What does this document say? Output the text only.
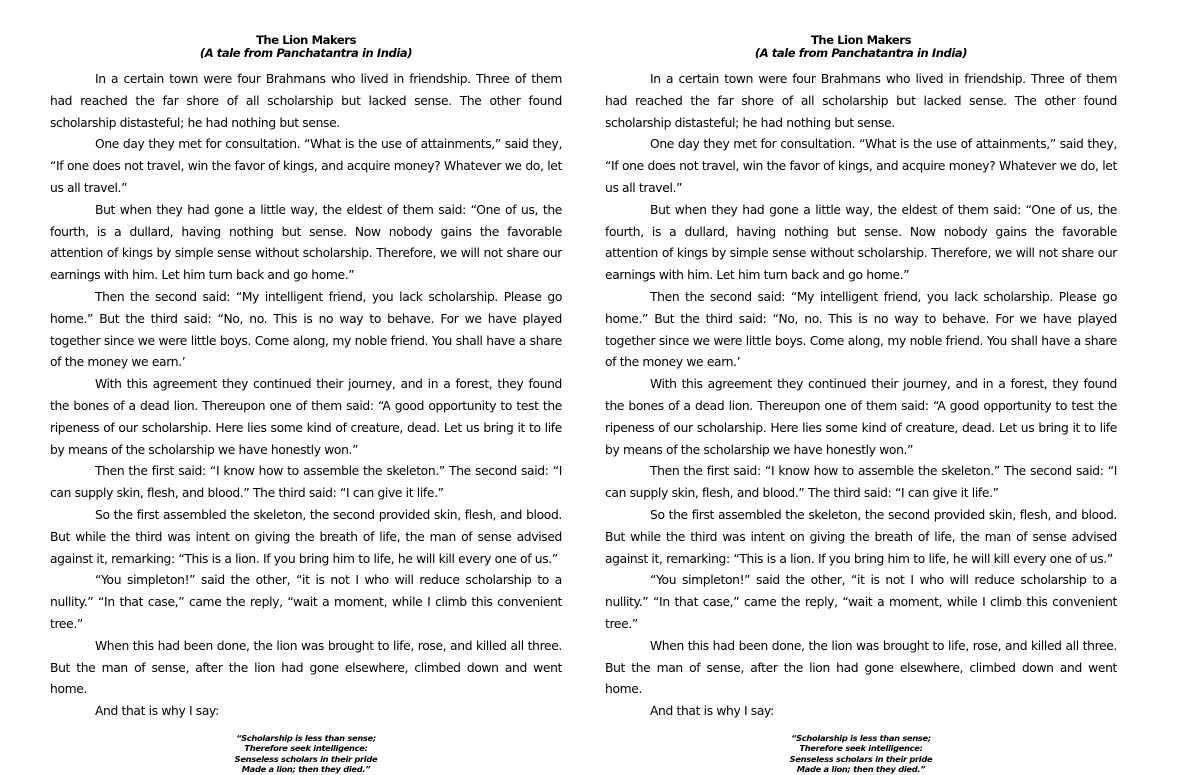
The Lion Makers

(A tale from Panchatantra in India)

In a certain town were four Brahmans who lived in friendship. Three of them had reached the far shore of all scholarship but lacked sense. The other found scholarship distasteful; he had nothing but sense.

One day they met for consultation. “What is the use of attainments,” said they, “If one does not travel, win the favor of kings, and acquire money? Whatever we do, let us all travel.”

But when they had gone a little way, the eldest of them said: “One of us, the fourth, is a dullard, having nothing but sense. Now nobody gains the favorable attention of kings by simple sense without scholarship. Therefore, we will not share our earnings with him. Let him turn back and go home.”

Then the second said: “My intelligent friend, you lack scholarship. Please go home.” But the third said: “No, no. This is no way to behave. For we have played together since we were little boys. Come along, my noble friend. You shall have a share of the money we earn.’

With this agreement they continued their journey, and in a forest, they found the bones of a dead lion. Thereupon one of them said: “A good opportunity to test the ripeness of our scholarship. Here lies some kind of creature, dead. Let us bring it to life by means of the scholarship we have honestly won.”

Then the first said: “I know how to assemble the skeleton.” The second said: “I can supply skin, flesh, and blood.” The third said: “I can give it life.”

So the first assembled the skeleton, the second provided skin, flesh, and blood. But while the third was intent on giving the breath of life, the man of sense advised against it, remarking: “This is a lion. If you bring him to life, he will kill every one of us.”

“You simpleton!” said the other, “it is not I who will reduce scholarship to a nullity.” “In that case,” came the reply, “wait a moment, while I climb this convenient tree.”

When this had been done, the lion was brought to life, rose, and killed all three. But the man of sense, after the lion had gone elsewhere, climbed down and went home.

And that is why I say:

“Scholarship is less than sense;
Therefore seek intelligence:
Senseless scholars in their pride
Made a lion; then they died.”

The Lion Makers

(A tale from Panchatantra in India)

In a certain town were four Brahmans who lived in friendship. Three of them had reached the far shore of all scholarship but lacked sense. The other found scholarship distasteful; he had nothing but sense.

One day they met for consultation. “What is the use of attainments,” said they, “If one does not travel, win the favor of kings, and acquire money? Whatever we do, let us all travel.”

But when they had gone a little way, the eldest of them said: “One of us, the fourth, is a dullard, having nothing but sense. Now nobody gains the favorable attention of kings by simple sense without scholarship. Therefore, we will not share our earnings with him. Let him turn back and go home.”

Then the second said: “My intelligent friend, you lack scholarship. Please go home.” But the third said: “No, no. This is no way to behave. For we have played together since we were little boys. Come along, my noble friend. You shall have a share of the money we earn.’

With this agreement they continued their journey, and in a forest, they found the bones of a dead lion. Thereupon one of them said: “A good opportunity to test the ripeness of our scholarship. Here lies some kind of creature, dead. Let us bring it to life by means of the scholarship we have honestly won.”

Then the first said: “I know how to assemble the skeleton.” The second said: “I can supply skin, flesh, and blood.” The third said: “I can give it life.”

So the first assembled the skeleton, the second provided skin, flesh, and blood. But while the third was intent on giving the breath of life, the man of sense advised against it, remarking: “This is a lion. If you bring him to life, he will kill every one of us.”

“You simpleton!” said the other, “it is not I who will reduce scholarship to a nullity.” “In that case,” came the reply, “wait a moment, while I climb this convenient tree.”

When this had been done, the lion was brought to life, rose, and killed all three. But the man of sense, after the lion had gone elsewhere, climbed down and went home.

And that is why I say:

“Scholarship is less than sense;
Therefore seek intelligence:
Senseless scholars in their pride
Made a lion; then they died.”
